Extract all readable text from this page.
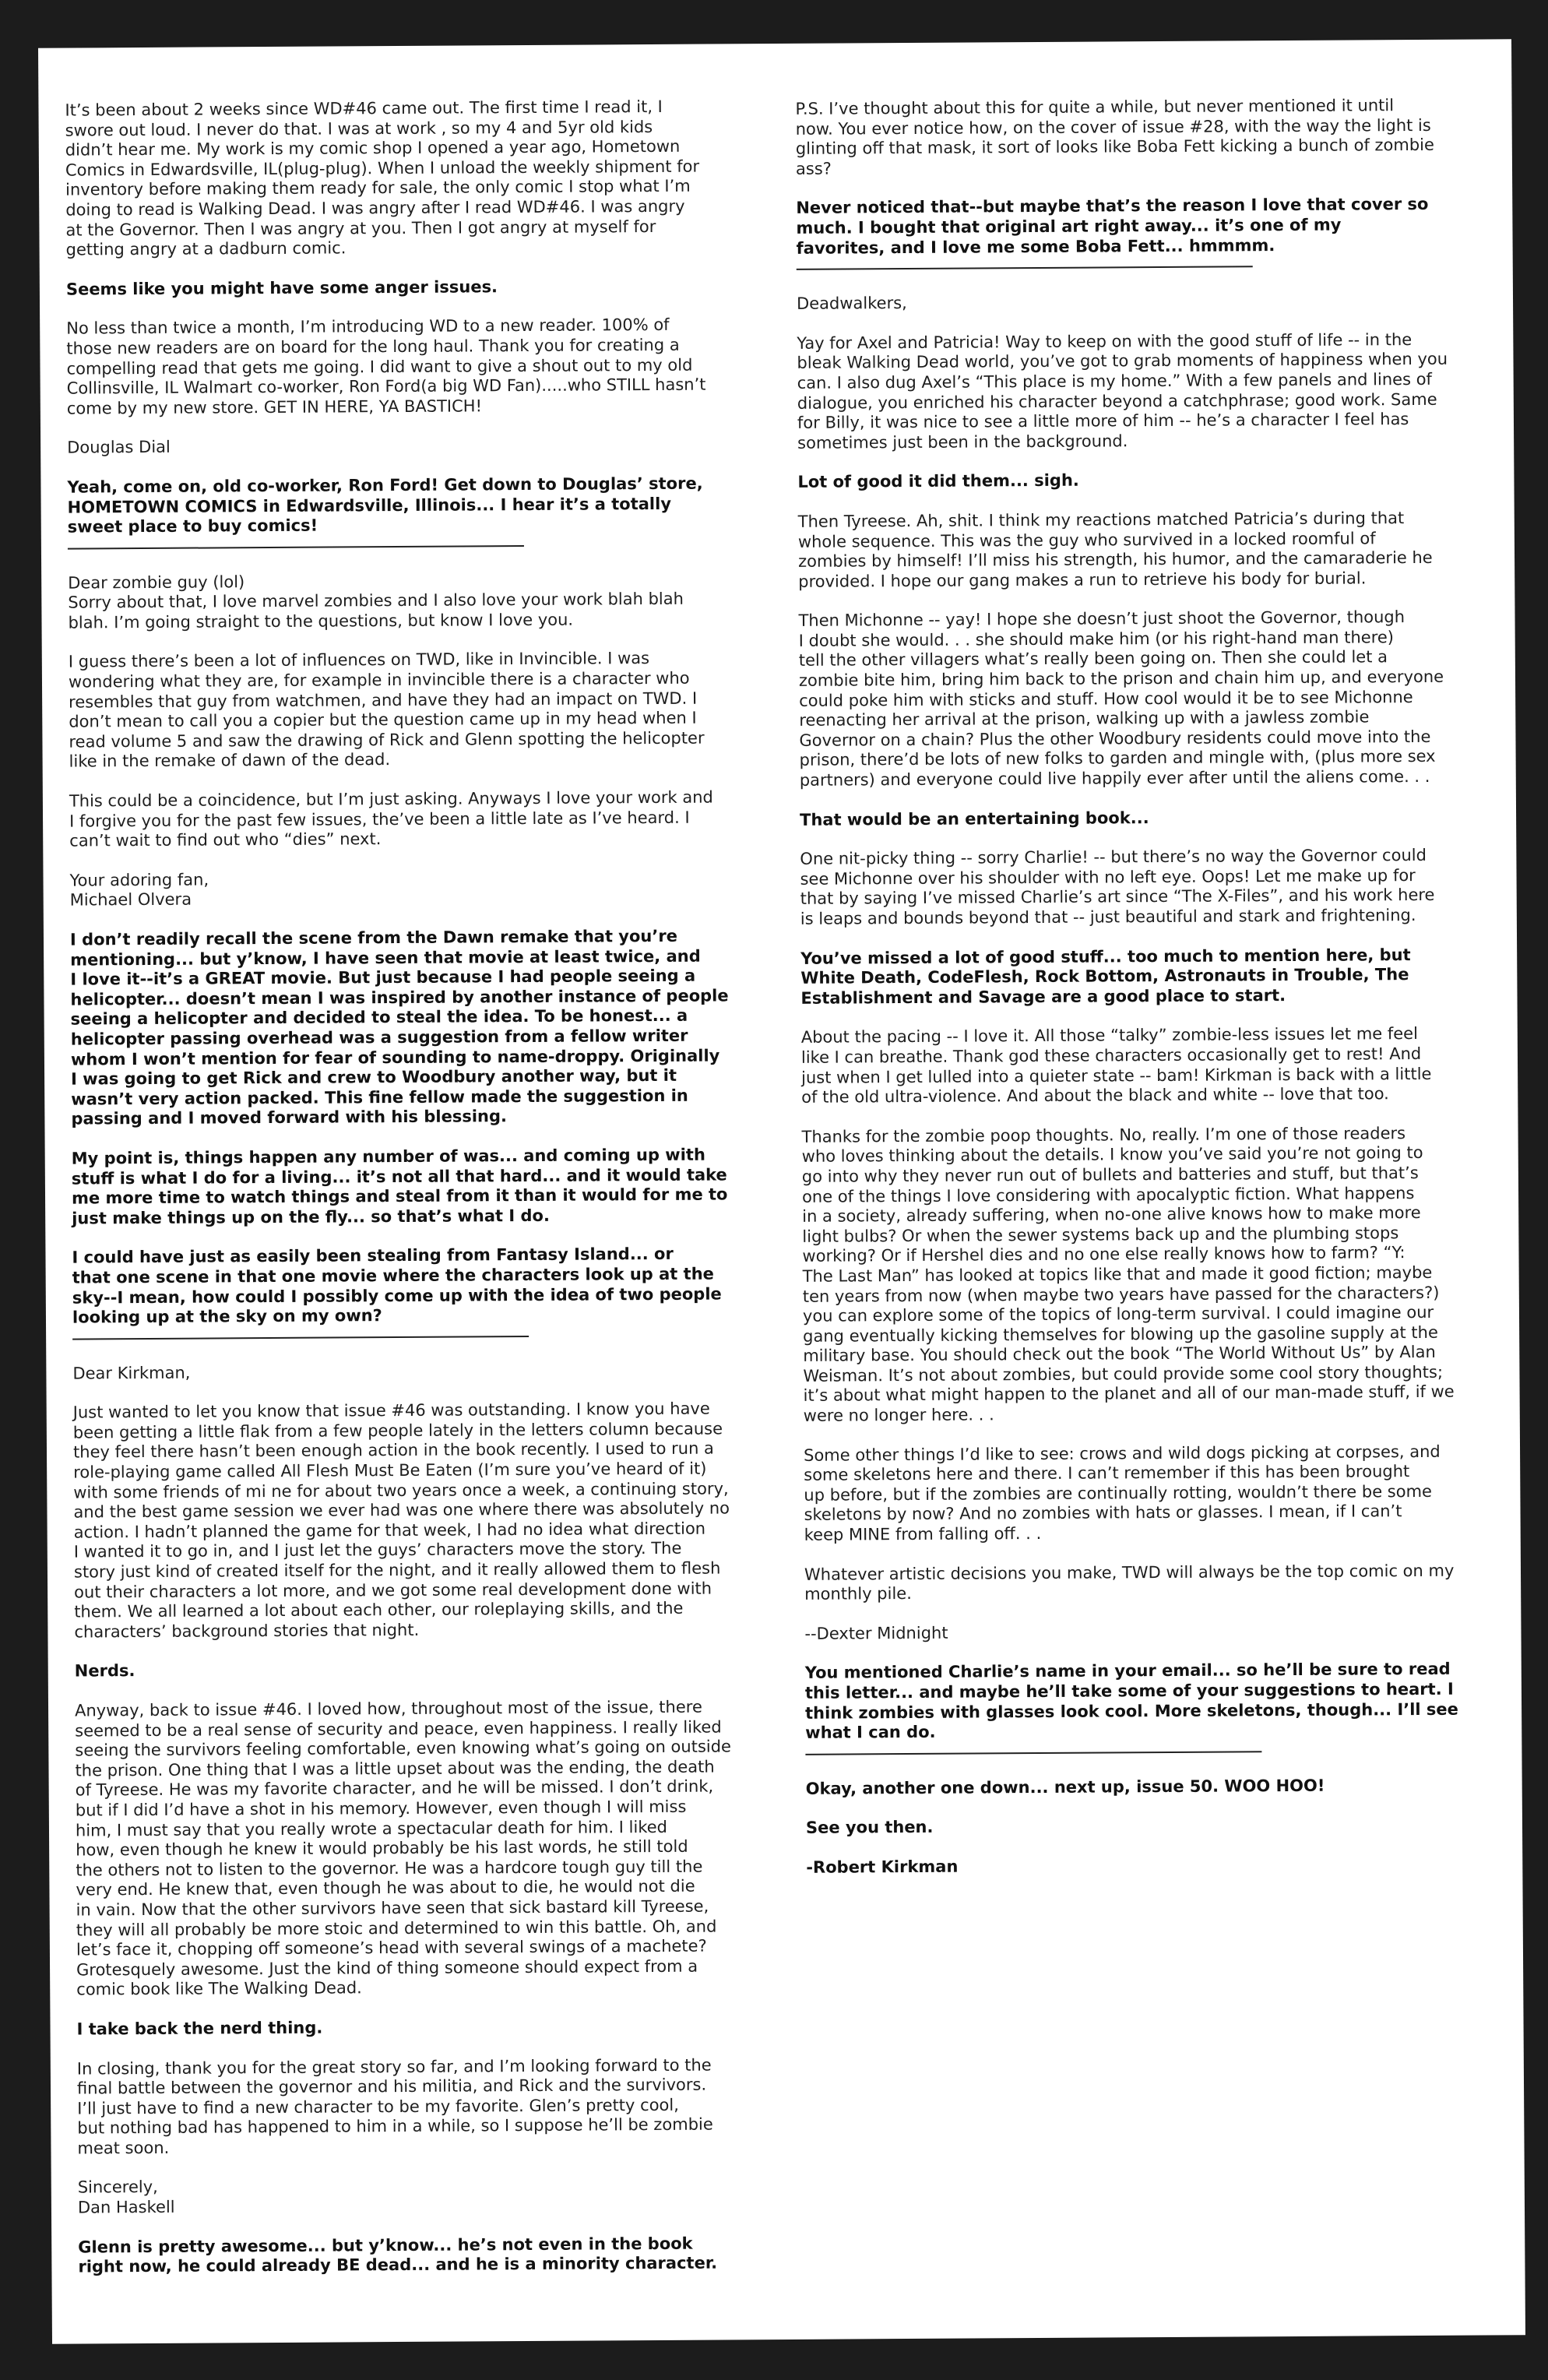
It’s been about 2 weeks since WD#46 came out. The first time I read it, I
swore out loud. I never do that. I was at work , so my 4 and 5yr old kids
didn’t hear me. My work is my comic shop I opened a year ago, Hometown
Comics in Edwardsville, IL(plug-plug). When I unload the weekly shipment for
inventory before making them ready for sale, the only comic I stop what I’m
doing to read is Walking Dead. I was angry after I read WD#46. I was angry
at the Governor. Then I was angry at you. Then I got angry at myself for
getting angry at a dadburn comic.

Seems like you might have some anger issues.

No less than twice a month, I’m introducing WD to a new reader. 100% of
those new readers are on board for the long haul. Thank you for creating a
compelling read that gets me going. I did want to give a shout out to my old
Collinsville, IL Walmart co-worker, Ron Ford(a big WD Fan).....who STILL hasn’t
come by my new store. GET IN HERE, YA BASTICH!

Douglas Dial

Yeah, come on, old co-worker, Ron Ford! Get down to Douglas’ store,
HOMETOWN COMICS in Edwardsville, Illinois... I hear it’s a totally
sweet place to buy comics!

Dear zombie guy (lol)
Sorry about that, I love marvel zombies and I also love your work blah blah
blah. I’m going straight to the questions, but know I love you.

I guess there’s been a lot of influences on TWD, like in Invincible. I was
wondering what they are, for example in invincible there is a character who
resembles that guy from watchmen, and have they had an impact on TWD. I
don’t mean to call you a copier but the question came up in my head when I
read volume 5 and saw the drawing of Rick and Glenn spotting the helicopter
like in the remake of dawn of the dead.

This could be a coincidence, but I’m just asking. Anyways I love your work and
I forgive you for the past few issues, the’ve been a little late as I’ve heard. I
can’t wait to find out who “dies” next.

Your adoring fan,
Michael Olvera

I don’t readily recall the scene from the Dawn remake that you’re
mentioning... but y’know, I have seen that movie at least twice, and
I love it--it’s a GREAT movie. But just because I had people seeing a
helicopter... doesn’t mean I was inspired by another instance of people
seeing a helicopter and decided to steal the idea. To be honest... a
helicopter passing overhead was a suggestion from a fellow writer
whom I won’t mention for fear of sounding to name-droppy. Originally
I was going to get Rick and crew to Woodbury another way, but it
wasn’t very action packed. This fine fellow made the suggestion in
passing and I moved forward with his blessing.

My point is, things happen any number of was... and coming up with
stuff is what I do for a living... it’s not all that hard... and it would take
me more time to watch things and steal from it than it would for me to
just make things up on the fly... so that’s what I do.

I could have just as easily been stealing from Fantasy Island... or
that one scene in that one movie where the characters look up at the
sky--I mean, how could I possibly come up with the idea of two people
looking up at the sky on my own?

Dear Kirkman,

Just wanted to let you know that issue #46 was outstanding. I know you have
been getting a little flak from a few people lately in the letters column because
they feel there hasn’t been enough action in the book recently. I used to run a
role-playing game called All Flesh Must Be Eaten (I’m sure you’ve heard of it)
with some friends of mi ne for about two years once a week, a continuing story,
and the best game session we ever had was one where there was absolutely no
action. I hadn’t planned the game for that week, I had no idea what direction
I wanted it to go in, and I just let the guys’ characters move the story. The
story just kind of created itself for the night, and it really allowed them to flesh
out their characters a lot more, and we got some real development done with
them. We all learned a lot about each other, our roleplaying skills, and the
characters’ background stories that night.

Nerds.

Anyway, back to issue #46. I loved how, throughout most of the issue, there
seemed to be a real sense of security and peace, even happiness. I really liked
seeing the survivors feeling comfortable, even knowing what’s going on outside
the prison. One thing that I was a little upset about was the ending, the death
of Tyreese. He was my favorite character, and he will be missed. I don’t drink,
but if I did I’d have a shot in his memory. However, even though I will miss
him, I must say that you really wrote a spectacular death for him. I liked
how, even though he knew it would probably be his last words, he still told
the others not to listen to the governor. He was a hardcore tough guy till the
very end. He knew that, even though he was about to die, he would not die
in vain. Now that the other survivors have seen that sick bastard kill Tyreese,
they will all probably be more stoic and determined to win this battle. Oh, and
let’s face it, chopping off someone’s head with several swings of a machete?
Grotesquely awesome. Just the kind of thing someone should expect from a
comic book like The Walking Dead.

I take back the nerd thing.

In closing, thank you for the great story so far, and I’m looking forward to the
final battle between the governor and his militia, and Rick and the survivors.
I’ll just have to find a new character to be my favorite. Glen’s pretty cool,
but nothing bad has happened to him in a while, so I suppose he’ll be zombie
meat soon.

Sincerely,
Dan Haskell

Glenn is pretty awesome... but y’know... he’s not even in the book
right now, he could already BE dead... and he is a minority character.

P.S. I’ve thought about this for quite a while, but never mentioned it until
now. You ever notice how, on the cover of issue #28, with the way the light is
glinting off that mask, it sort of looks like Boba Fett kicking a bunch of zombie
ass?

Never noticed that--but maybe that’s the reason I love that cover so
much. I bought that original art right away... it’s one of my
favorites, and I love me some Boba Fett... hmmmm.

Deadwalkers,

Yay for Axel and Patricia! Way to keep on with the good stuff of life -- in the
bleak Walking Dead world, you’ve got to grab moments of happiness when you
can. I also dug Axel’s “This place is my home.” With a few panels and lines of
dialogue, you enriched his character beyond a catchphrase; good work. Same
for Billy, it was nice to see a little more of him -- he’s a character I feel has
sometimes just been in the background.

Lot of good it did them... sigh.

Then Tyreese. Ah, shit. I think my reactions matched Patricia’s during that
whole sequence. This was the guy who survived in a locked roomful of
zombies by himself! I’ll miss his strength, his humor, and the camaraderie he
provided. I hope our gang makes a run to retrieve his body for burial.

Then Michonne -- yay! I hope she doesn’t just shoot the Governor, though
I doubt she would. . . she should make him (or his right-hand man there)
tell the other villagers what’s really been going on. Then she could let a
zombie bite him, bring him back to the prison and chain him up, and everyone
could poke him with sticks and stuff. How cool would it be to see Michonne
reenacting her arrival at the prison, walking up with a jawless zombie
Governor on a chain? Plus the other Woodbury residents could move into the
prison, there’d be lots of new folks to garden and mingle with, (plus more sex
partners) and everyone could live happily ever after until the aliens come. . .

That would be an entertaining book...

One nit-picky thing -- sorry Charlie! -- but there’s no way the Governor could
see Michonne over his shoulder with no left eye. Oops! Let me make up for
that by saying I’ve missed Charlie’s art since “The X-Files”, and his work here
is leaps and bounds beyond that -- just beautiful and stark and frightening.

You’ve missed a lot of good stuff... too much to mention here, but
White Death, CodeFlesh, Rock Bottom, Astronauts in Trouble, The
Establishment and Savage are a good place to start.

About the pacing -- I love it. All those “talky” zombie-less issues let me feel
like I can breathe. Thank god these characters occasionally get to rest! And
just when I get lulled into a quieter state -- bam! Kirkman is back with a little
of the old ultra-violence. And about the black and white -- love that too.

Thanks for the zombie poop thoughts. No, really. I’m one of those readers
who loves thinking about the details. I know you’ve said you’re not going to
go into why they never run out of bullets and batteries and stuff, but that’s
one of the things I love considering with apocalyptic fiction. What happens
in a society, already suffering, when no-one alive knows how to make more
light bulbs? Or when the sewer systems back up and the plumbing stops
working? Or if Hershel dies and no one else really knows how to farm? “Y:
The Last Man” has looked at topics like that and made it good fiction; maybe
ten years from now (when maybe two years have passed for the characters?)
you can explore some of the topics of long-term survival. I could imagine our
gang eventually kicking themselves for blowing up the gasoline supply at the
military base. You should check out the book “The World Without Us” by Alan
Weisman. It’s not about zombies, but could provide some cool story thoughts;
it’s about what might happen to the planet and all of our man-made stuff, if we
were no longer here. . .

Some other things I’d like to see: crows and wild dogs picking at corpses, and
some skeletons here and there. I can’t remember if this has been brought
up before, but if the zombies are continually rotting, wouldn’t there be some
skeletons by now? And no zombies with hats or glasses. I mean, if I can’t
keep MINE from falling off. . .

Whatever artistic decisions you make, TWD will always be the top comic on my
monthly pile.

--Dexter Midnight

You mentioned Charlie’s name in your email... so he’ll be sure to read
this letter... and maybe he’ll take some of your suggestions to heart. I
think zombies with glasses look cool. More skeletons, though... I’ll see
what I can do.

Okay, another one down... next up, issue 50. WOO HOO!

See you then.

-Robert Kirkman
